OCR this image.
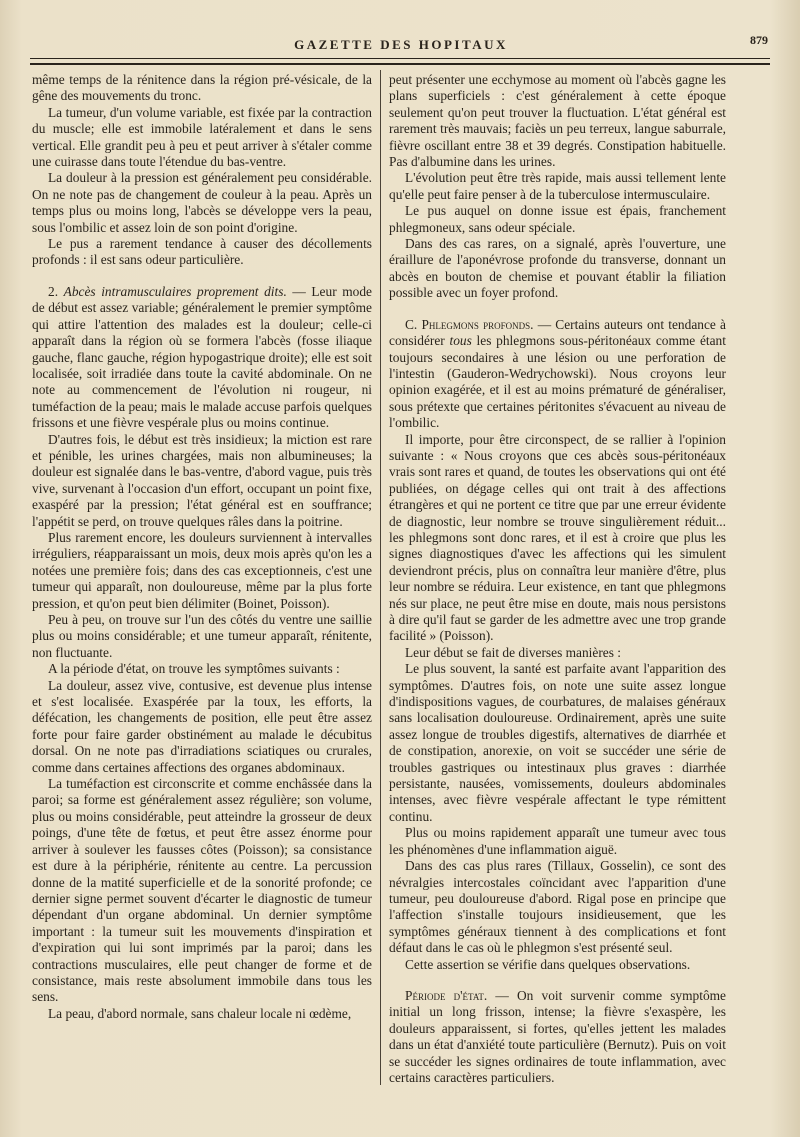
GAZETTE DES HOPITAUX	879

même temps de la rénitence dans la région pré-vésicale, de la gêne des mouvements du tronc.

La tumeur, d'un volume variable, est fixée par la contraction du muscle; elle est immobile latéralement et dans le sens vertical. Elle grandit peu à peu et peut arriver à s'étaler comme une cuirasse dans toute l'étendue du bas-ventre.

La douleur à la pression est généralement peu considérable. On ne note pas de changement de couleur à la peau. Après un temps plus ou moins long, l'abcès se développe vers la peau, sous l'ombilic et assez loin de son point d'origine.

Le pus a rarement tendance à causer des décollements profonds : il est sans odeur particulière.

2. Abcès intramusculaires proprement dits. — Leur mode de début est assez variable; généralement le premier symptôme qui attire l'attention des malades est la douleur; celle-ci apparaît dans la région où se formera l'abcès (fosse iliaque gauche, flanc gauche, région hypogastrique droite); elle est soit localisée, soit irradiée dans toute la cavité abdominale. On ne note au commencement de l'évolution ni rougeur, ni tuméfaction de la peau; mais le malade accuse parfois quelques frissons et une fièvre vespérale plus ou moins continue.

D'autres fois, le début est très insidieux; la miction est rare et pénible, les urines chargées, mais non albumineuses; la douleur est signalée dans le bas-ventre, d'abord vague, puis très vive, survenant à l'occasion d'un effort, occupant un point fixe, exaspéré par la pression; l'état général est en souffrance; l'appétit se perd, on trouve quelques râles dans la poitrine.

Plus rarement encore, les douleurs surviennent à intervalles irréguliers, réapparaissant un mois, deux mois après qu'on les a notées une première fois; dans des cas exceptionneis, c'est une tumeur qui apparaît, non douloureuse, même par la plus forte pression, et qu'on peut bien délimiter (Boinet, Poisson).

Peu à peu, on trouve sur l'un des côtés du ventre une saillie plus ou moins considérable; et une tumeur apparaît, rénitente, non fluctuante.

A la période d'état, on trouve les symptômes suivants :

La douleur, assez vive, contusive, est devenue plus intense et s'est localisée. Exaspérée par la toux, les efforts, la défécation, les changements de position, elle peut être assez forte pour faire garder obstinément au malade le décubitus dorsal. On ne note pas d'irradiations sciatiques ou crurales, comme dans certaines affections des organes abdominaux.

La tuméfaction est circonscrite et comme enchâssée dans la paroi; sa forme est généralement assez régulière; son volume, plus ou moins considérable, peut atteindre la grosseur de deux poings, d'une tête de fœtus, et peut être assez énorme pour arriver à soulever les fausses côtes (Poisson); sa consistance est dure à la périphérie, rénitente au centre. La percussion donne de la matité superficielle et de la sonorité profonde; ce dernier signe permet souvent d'écarter le diagnostic de tumeur dépendant d'un organe abdominal. Un dernier symptôme important : la tumeur suit les mouvements d'inspiration et d'expiration qui lui sont imprimés par la paroi; dans les contractions musculaires, elle peut changer de forme et de consistance, mais reste absolument immobile dans tous les sens.

La peau, d'abord normale, sans chaleur locale ni œdème,

peut présenter une ecchymose au moment où l'abcès gagne les plans superficiels : c'est généralement à cette époque seulement qu'on peut trouver la fluctuation. L'état général est rarement très mauvais; faciès un peu terreux, langue saburrale, fièvre oscillant entre 38 et 39 degrés. Constipation habituelle. Pas d'albumine dans les urines.

L'évolution peut être très rapide, mais aussi tellement lente qu'elle peut faire penser à de la tuberculose intermusculaire.

Le pus auquel on donne issue est épais, franchement phlegmoneux, sans odeur spéciale.

Dans des cas rares, on a signalé, après l'ouverture, une éraillure de l'aponévrose profonde du transverse, donnant un abcès en bouton de chemise et pouvant établir la filiation possible avec un foyer profond.

C. Phlegmons profonds. — Certains auteurs ont tendance à considérer tous les phlegmons sous-péritonéaux comme étant toujours secondaires à une lésion ou une perforation de l'intestin (Gauderon-Wedrychowski). Nous croyons leur opinion exagérée, et il est au moins prématuré de généraliser, sous prétexte que certaines péritonites s'évacuent au niveau de l'ombilic.

Il importe, pour être circonspect, de se rallier à l'opinion suivante : « Nous croyons que ces abcès sous-péritonéaux vrais sont rares et quand, de toutes les observations qui ont été publiées, on dégage celles qui ont trait à des affections étrangères et qui ne portent ce titre que par une erreur évidente de diagnostic, leur nombre se trouve singulièrement réduit... les phlegmons sont donc rares, et il est à croire que plus les signes diagnostiques d'avec les affections qui les simulent deviendront précis, plus on connaîtra leur manière d'être, plus leur nombre se réduira. Leur existence, en tant que phlegmons nés sur place, ne peut être mise en doute, mais nous persistons à dire qu'il faut se garder de les admettre avec une trop grande facilité » (Poisson).

Leur début se fait de diverses manières :

Le plus souvent, la santé est parfaite avant l'apparition des symptômes. D'autres fois, on note une suite assez longue d'indispositions vagues, de courbatures, de malaises généraux sans localisation douloureuse. Ordinairement, après une suite assez longue de troubles digestifs, alternatives de diarrhée et de constipation, anorexie, on voit se succéder une série de troubles gastriques ou intestinaux plus graves : diarrhée persistante, nausées, vomissements, douleurs abdominales intenses, avec fièvre vespérale affectant le type rémittent continu.

Plus ou moins rapidement apparaît une tumeur avec tous les phénomènes d'une inflammation aiguë.

Dans des cas plus rares (Tillaux, Gosselin), ce sont des névralgies intercostales coïncidant avec l'apparition d'une tumeur, peu douloureuse d'abord. Rigal pose en principe que l'affection s'installe toujours insidieusement, que les symptômes généraux tiennent à des complications et font défaut dans le cas où le phlegmon s'est présenté seul.

Cette assertion se vérifie dans quelques observations.

Période d'état. — On voit survenir comme symptôme initial un long frisson, intense; la fièvre s'exaspère, les douleurs apparaissent, si fortes, qu'elles jettent les malades dans un état d'anxiété toute particulière (Bernutz). Puis on voit se succéder les signes ordinaires de toute inflammation, avec certains caractères particuliers.
